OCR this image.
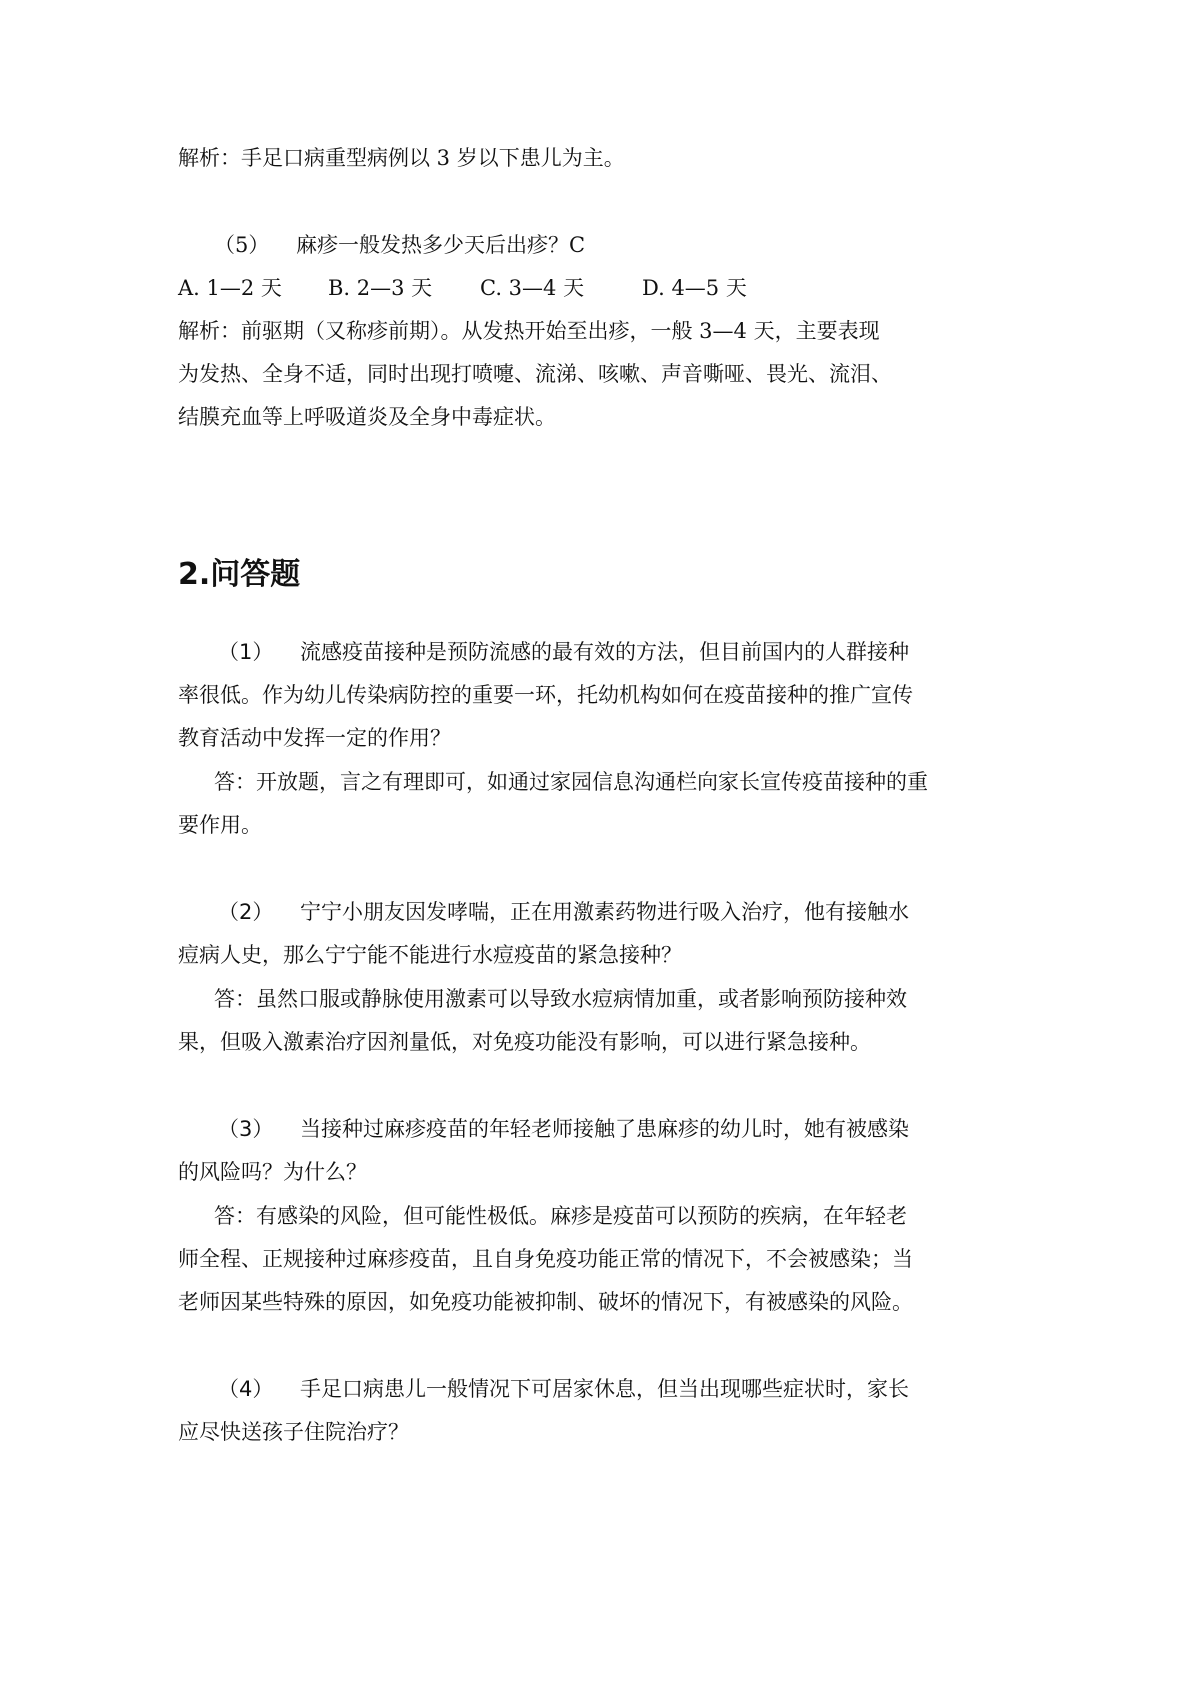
解析：手足口病重型病例以 3 岁以下患儿为主。
（5） 麻疹一般发热多少天后出疹？C
A. 1—2 天 B. 2—3 天 C. 3—4 天	D. 4—5 天
解析：前驱期（又称疹前期）。从发热开始至出疹，一般 3—4 天，主要表现
为发热、全身不适，同时出现打喷嚏、流涕、咳嗽、声音嘶哑、畏光、流泪、
结膜充血等上呼吸道炎及全身中毒症状。
2.问答题
（1） 流感疫苗接种是预防流感的最有效的方法，但目前国内的人群接种
率很低。作为幼儿传染病防控的重要一环，托幼机构如何在疫苗接种的推广宣传
教育活动中发挥一定的作用？
答：开放题，言之有理即可，如通过家园信息沟通栏向家长宣传疫苗接种的重
要作用。
（2） 宁宁小朋友因发哮喘，正在用激素药物进行吸入治疗，他有接触水
痘病人史，那么宁宁能不能进行水痘疫苗的紧急接种？
答：虽然口服或静脉使用激素可以导致水痘病情加重，或者影响预防接种效
果，但吸入激素治疗因剂量低，对免疫功能没有影响，可以进行紧急接种。
（3） 当接种过麻疹疫苗的年轻老师接触了患麻疹的幼儿时，她有被感染
的风险吗？为什么？
答：有感染的风险，但可能性极低。麻疹是疫苗可以预防的疾病，在年轻老
师全程、正规接种过麻疹疫苗，且自身免疫功能正常的情况下，不会被感染；当
老师因某些特殊的原因，如免疫功能被抑制、破坏的情况下，有被感染的风险。
（4） 手足口病患儿一般情况下可居家休息，但当出现哪些症状时，家长
应尽快送孩子住院治疗？
